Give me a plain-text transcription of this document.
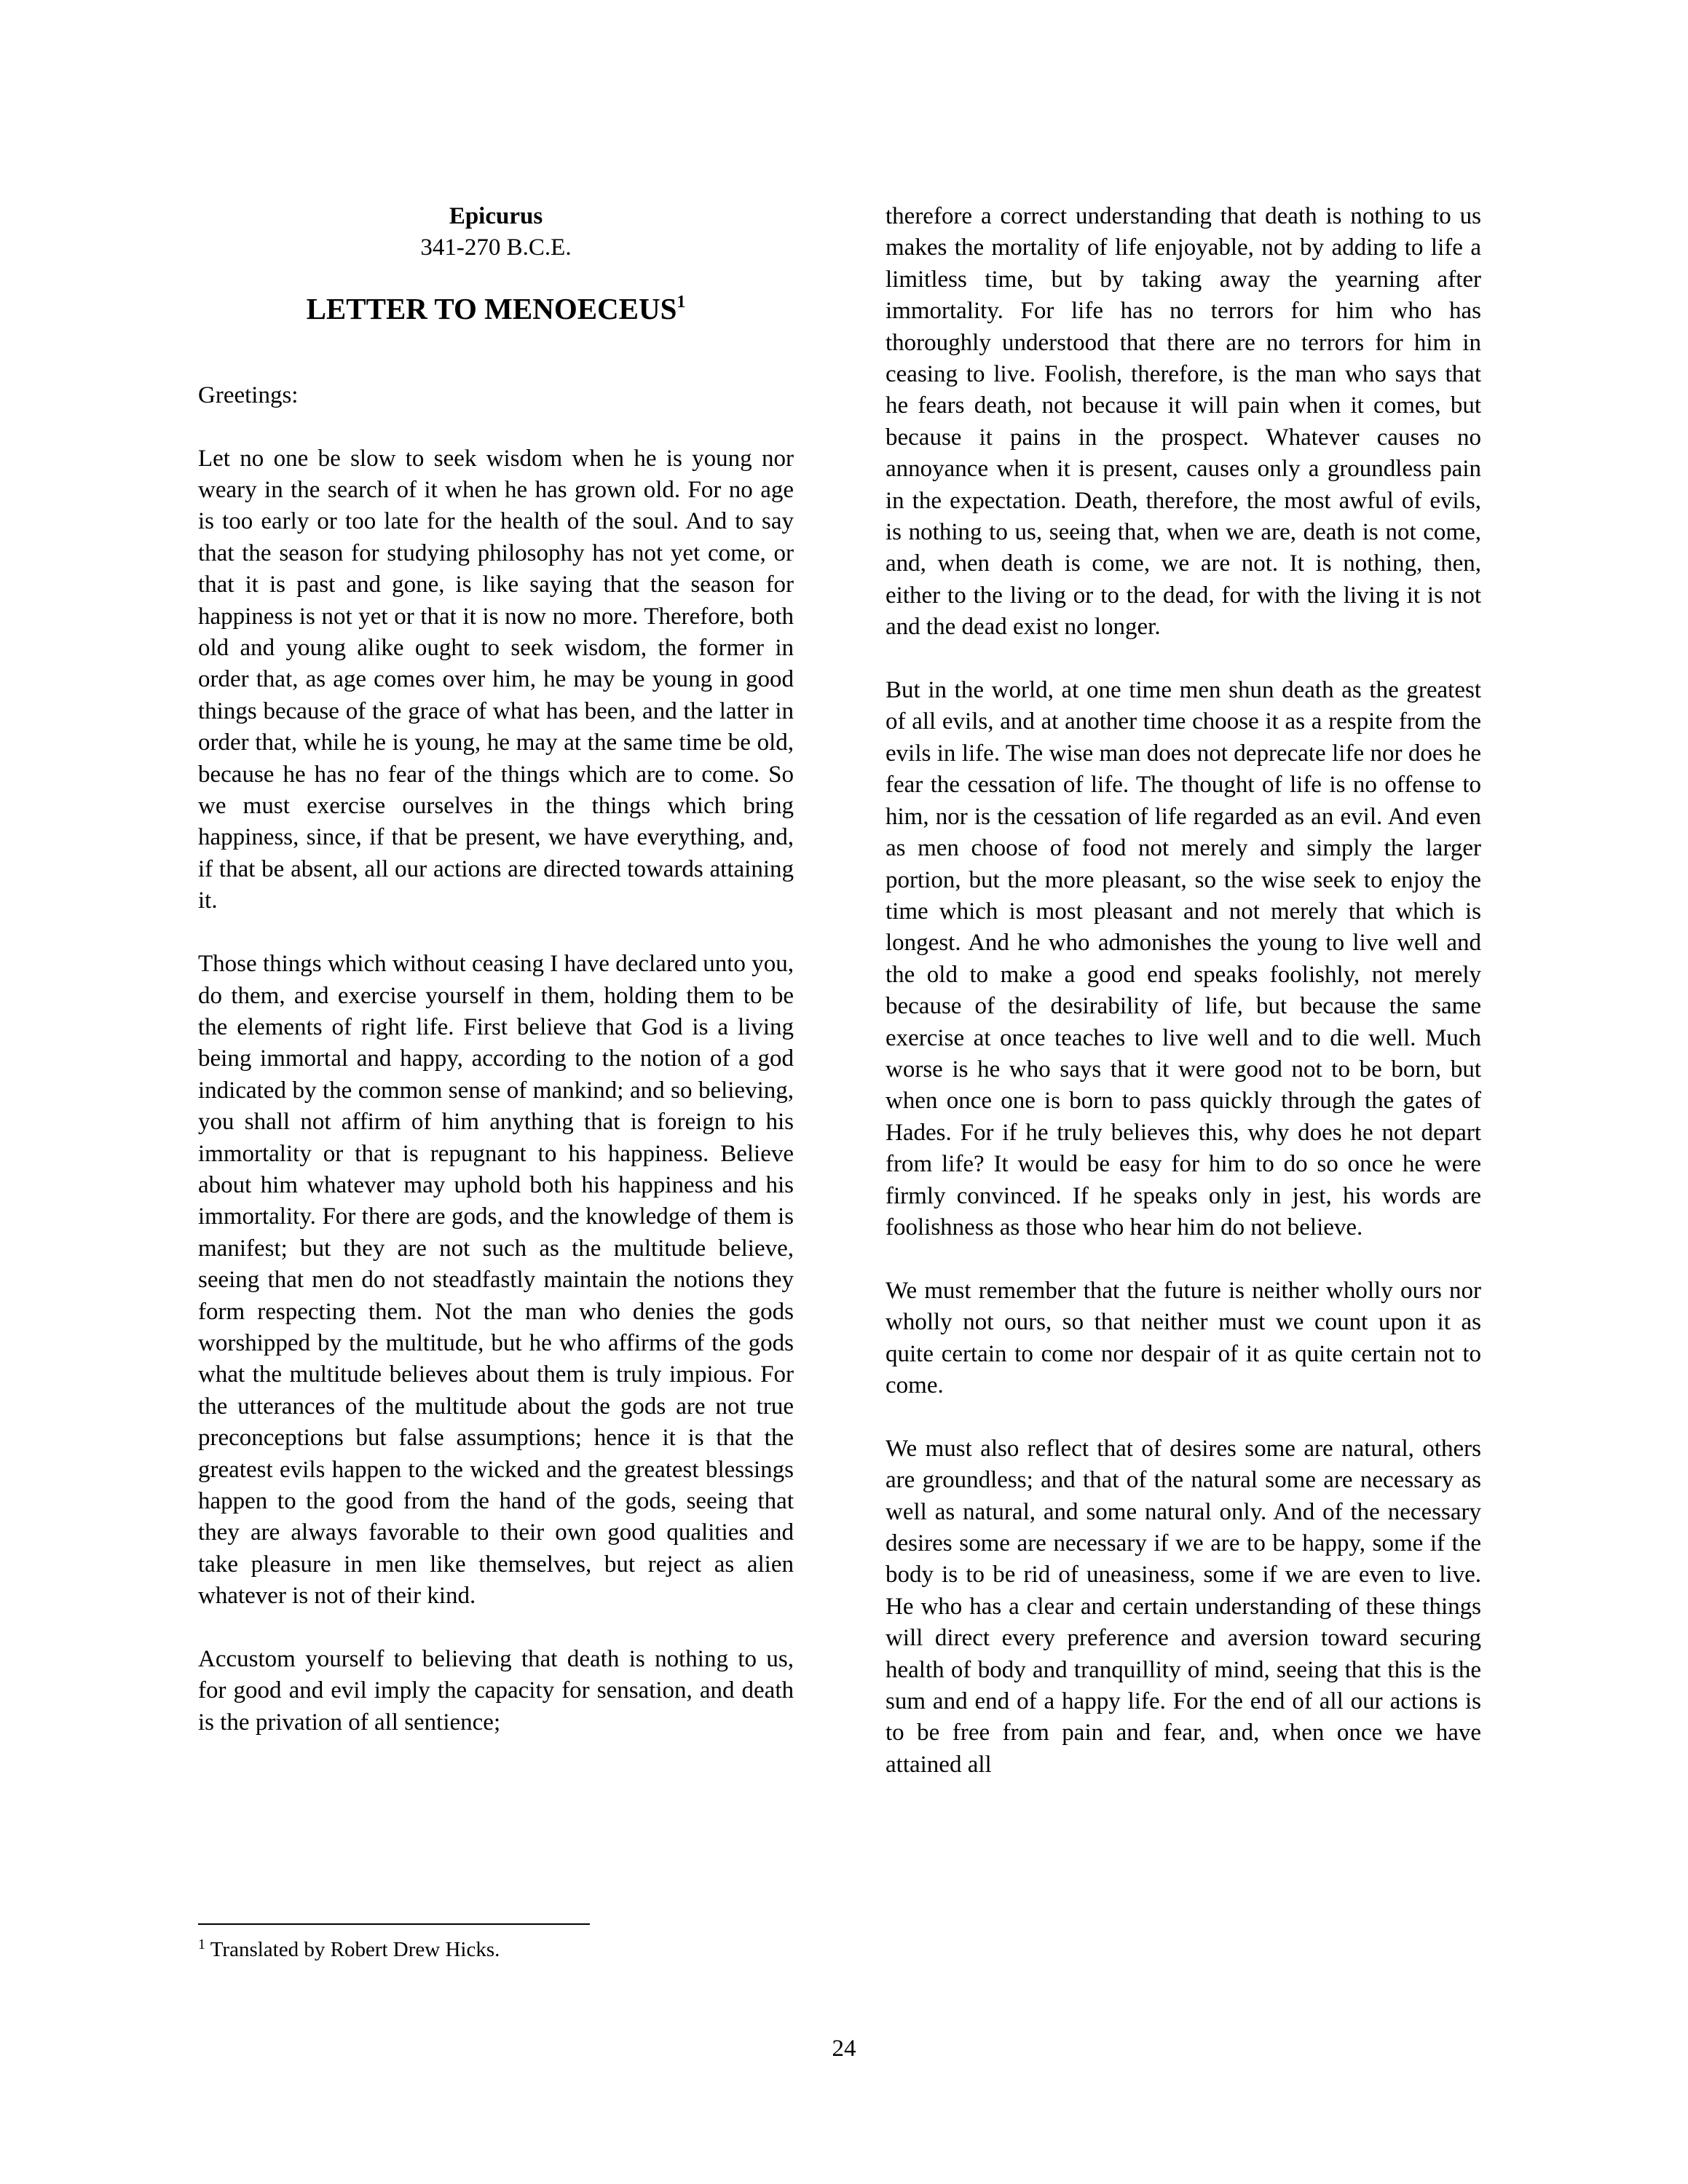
Epicurus

341-270 B.C.E.

LETTER TO MENOECEUS$^1$

Greetings:

Let no one be slow to seek wisdom when he is young nor weary in the search of it when he has grown old. For no age is too early or too late for the health of the soul. And to say that the season for studying philosophy has not yet come, or that it is past and gone, is like saying that the season for happiness is not yet or that it is now no more. Therefore, both old and young alike ought to seek wisdom, the former in order that, as age comes over him, he may be young in good things because of the grace of what has been, and the latter in order that, while he is young, he may at the same time be old, because he has no fear of the things which are to come. So we must exercise ourselves in the things which bring happiness, since, if that be present, we have everything, and, if that be absent, all our actions are directed towards attaining it.

Those things which without ceasing I have declared unto you, do them, and exercise yourself in them, holding them to be the elements of right life. First believe that God is a living being immortal and happy, according to the notion of a god indicated by the common sense of mankind; and so believing, you shall not affirm of him anything that is foreign to his immortality or that is repugnant to his happiness. Believe about him whatever may uphold both his happiness and his immortality. For there are gods, and the knowledge of them is manifest; but they are not such as the multitude believe, seeing that men do not steadfastly maintain the notions they form respecting them. Not the man who denies the gods worshipped by the multitude, but he who affirms of the gods what the multitude believes about them is truly impious. For the utterances of the multitude about the gods are not true preconceptions but false assumptions; hence it is that the greatest evils happen to the wicked and the greatest blessings happen to the good from the hand of the gods, seeing that they are always favorable to their own good qualities and take pleasure in men like themselves, but reject as alien whatever is not of their kind.

Accustom yourself to believing that death is nothing to us, for good and evil imply the capacity for sensation, and death is the privation of all sentience;

therefore a correct understanding that death is nothing to us makes the mortality of life enjoyable, not by adding to life a limitless time, but by taking away the yearning after immortality. For life has no terrors for him who has thoroughly understood that there are no terrors for him in ceasing to live. Foolish, therefore, is the man who says that he fears death, not because it will pain when it comes, but because it pains in the prospect. Whatever causes no annoyance when it is present, causes only a groundless pain in the expectation. Death, therefore, the most awful of evils, is nothing to us, seeing that, when we are, death is not come, and, when death is come, we are not. It is nothing, then, either to the living or to the dead, for with the living it is not and the dead exist no longer.

But in the world, at one time men shun death as the greatest of all evils, and at another time choose it as a respite from the evils in life. The wise man does not deprecate life nor does he fear the cessation of life. The thought of life is no offense to him, nor is the cessation of life regarded as an evil. And even as men choose of food not merely and simply the larger portion, but the more pleasant, so the wise seek to enjoy the time which is most pleasant and not merely that which is longest. And he who admonishes the young to live well and the old to make a good end speaks foolishly, not merely because of the desirability of life, but because the same exercise at once teaches to live well and to die well. Much worse is he who says that it were good not to be born, but when once one is born to pass quickly through the gates of Hades. For if he truly believes this, why does he not depart from life? It would be easy for him to do so once he were firmly convinced. If he speaks only in jest, his words are foolishness as those who hear him do not believe.

We must remember that the future is neither wholly ours nor wholly not ours, so that neither must we count upon it as quite certain to come nor despair of it as quite certain not to come.

We must also reflect that of desires some are natural, others are groundless; and that of the natural some are necessary as well as natural, and some natural only. And of the necessary desires some are necessary if we are to be happy, some if the body is to be rid of uneasiness, some if we are even to live. He who has a clear and certain understanding of these things will direct every preference and aversion toward securing health of body and tranquillity of mind, seeing that this is the sum and end of a happy life. For the end of all our actions is to be free from pain and fear, and, when once we have attained all

$^1$ Translated by Robert Drew Hicks.
24
